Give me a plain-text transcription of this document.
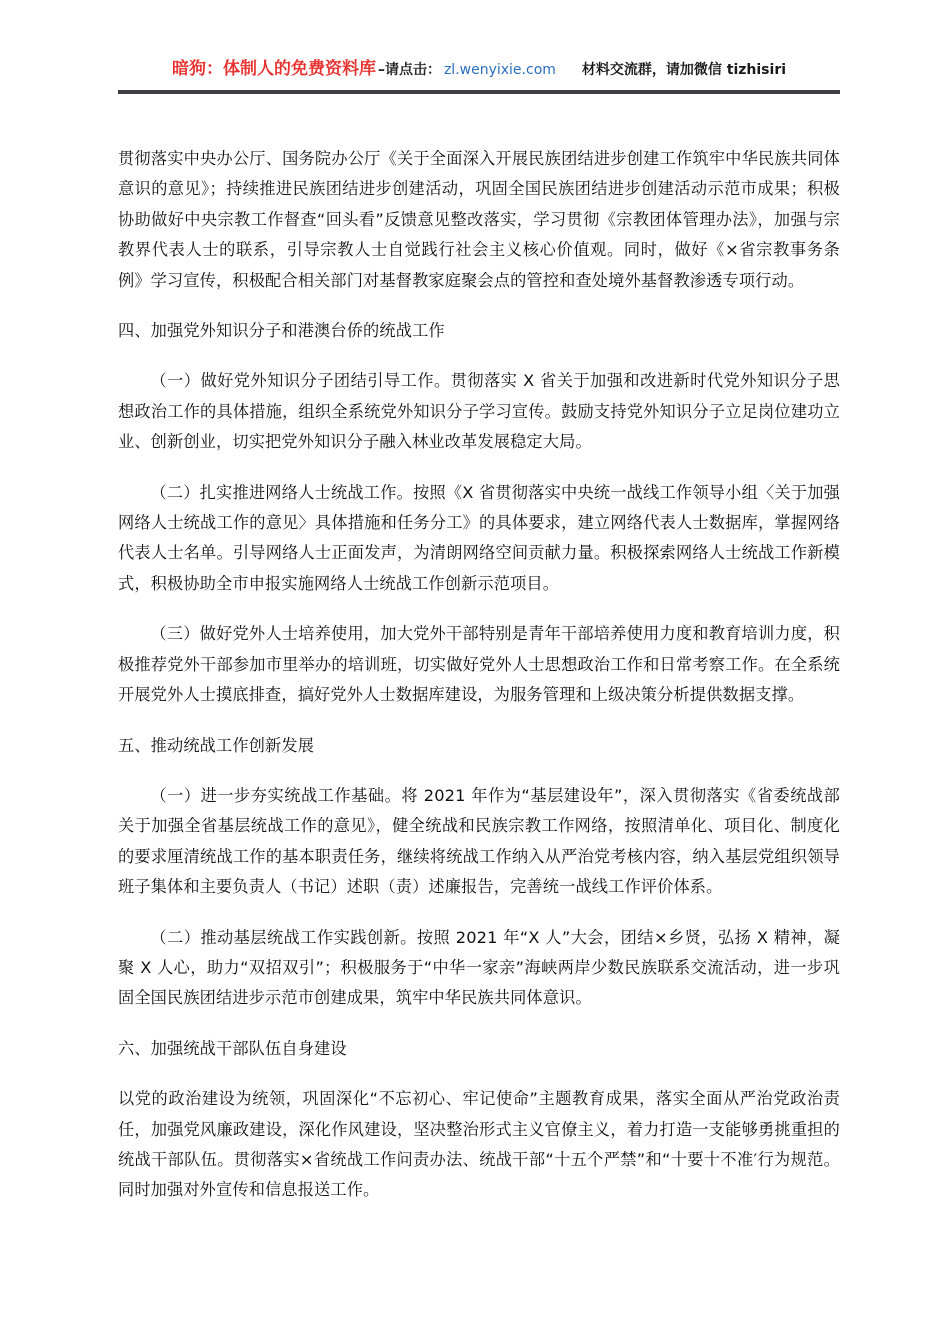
暗狗：体制人的免费资料库 –请点击： zl.wenyixie.com 材料交流群，请加微信 tizhisiri

贯彻落实中央办公厅、国务院办公厅《关于全面深入开展民族团结进步创建工作筑牢中华民族共同体意识的意见》；持续推进民族团结进步创建活动，巩固全国民族团结进步创建活动示范市成果；积极协助做好中央宗教工作督查“回头看”反馈意见整改落实，学习贯彻《宗教团体管理办法》，加强与宗教界代表人士的联系，引导宗教人士自觉践行社会主义核心价值观。同时，做好《×省宗教事务条例》学习宣传，积极配合相关部门对基督教家庭聚会点的管控和查处境外基督教渗透专项行动。

四、加强党外知识分子和港澳台侨的统战工作

（一）做好党外知识分子团结引导工作。贯彻落实 X 省关于加强和改进新时代党外知识分子思想政治工作的具体措施，组织全系统党外知识分子学习宣传。鼓励支持党外知识分子立足岗位建功立业、创新创业，切实把党外知识分子融入林业改革发展稳定大局。

（二）扎实推进网络人士统战工作。按照《X 省贯彻落实中央统一战线工作领导小组〈关于加强网络人士统战工作的意见〉具体措施和任务分工》的具体要求，建立网络代表人士数据库，掌握网络代表人士名单。引导网络人士正面发声，为清朗网络空间贡献力量。积极探索网络人士统战工作新模式，积极协助全市申报实施网络人士统战工作创新示范项目。

（三）做好党外人士培养使用，加大党外干部特别是青年干部培养使用力度和教育培训力度，积极推荐党外干部参加市里举办的培训班，切实做好党外人士思想政治工作和日常考察工作。在全系统开展党外人士摸底排查，搞好党外人士数据库建设，为服务管理和上级决策分析提供数据支撑。

五、推动统战工作创新发展

（一）进一步夯实统战工作基础。将 2021 年作为“基层建设年”，深入贯彻落实《省委统战部关于加强全省基层统战工作的意见》，健全统战和民族宗教工作网络，按照清单化、项目化、制度化的要求厘清统战工作的基本职责任务，继续将统战工作纳入从严治党考核内容，纳入基层党组织领导班子集体和主要负责人（书记）述职（责）述廉报告，完善统一战线工作评价体系。

（二）推动基层统战工作实践创新。按照 2021 年“X 人”大会，团结×乡贤，弘扬 X 精神，凝聚 X 人心，助力“双招双引”；积极服务于“中华一家亲”海峡两岸少数民族联系交流活动，进一步巩固全国民族团结进步示范市创建成果，筑牢中华民族共同体意识。

六、加强统战干部队伍自身建设

以党的政治建设为统领，巩固深化“不忘初心、牢记使命”主题教育成果，落实全面从严治党政治责任，加强党风廉政建设，深化作风建设，坚决整治形式主义官僚主义，着力打造一支能够勇挑重担的统战干部队伍。贯彻落实×省统战工作问责办法、统战干部“十五个严禁”和“十要十不准′行为规范。同时加强对外宣传和信息报送工作。
